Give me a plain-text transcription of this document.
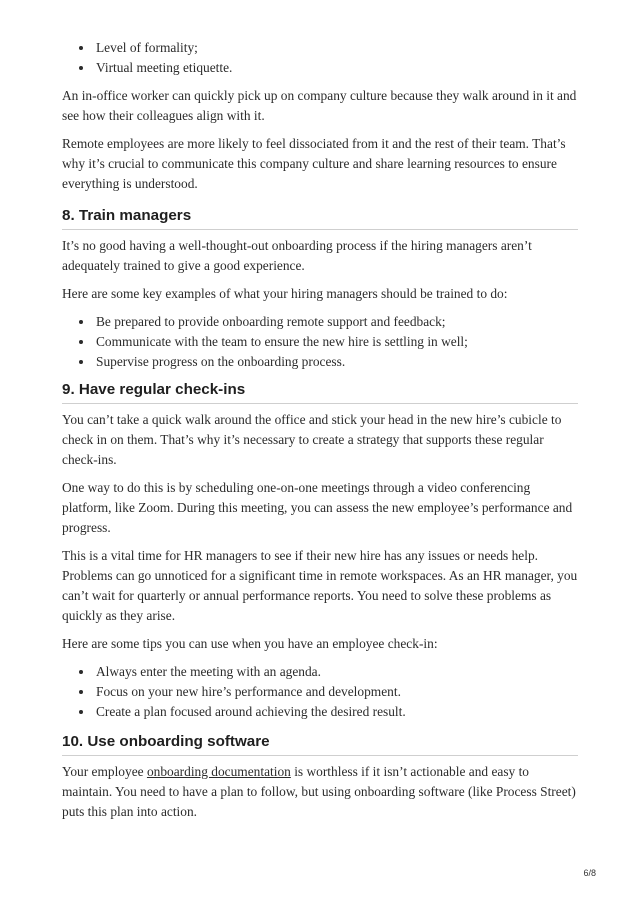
• Level of formality;
• Virtual meeting etiquette.

An in-office worker can quickly pick up on company culture because they walk around in it and see how their colleagues align with it.

Remote employees are more likely to feel dissociated from it and the rest of their team. That’s why it’s crucial to communicate this company culture and share learning resources to ensure everything is understood.

8. Train managers

It’s no good having a well-thought-out onboarding process if the hiring managers aren’t adequately trained to give a good experience.

Here are some key examples of what your hiring managers should be trained to do:

• Be prepared to provide onboarding remote support and feedback;
• Communicate with the team to ensure the new hire is settling in well;
• Supervise progress on the onboarding process.
9. Have regular check-ins

You can’t take a quick walk around the office and stick your head in the new hire’s cubicle to check in on them. That’s why it’s necessary to create a strategy that supports these regular check-ins.

One way to do this is by scheduling one-on-one meetings through a video conferencing platform, like Zoom. During this meeting, you can assess the new employee’s performance and progress.

This is a vital time for HR managers to see if their new hire has any issues or needs help. Problems can go unnoticed for a significant time in remote workspaces. As an HR manager, you can’t wait for quarterly or annual performance reports. You need to solve these problems as quickly as they arise.

Here are some tips you can use when you have an employee check-in:

• Always enter the meeting with an agenda.
• Focus on your new hire’s performance and development.
• Create a plan focused around achieving the desired result.
10. Use onboarding software

Your employee onboarding documentation is worthless if it isn’t actionable and easy to maintain. You need to have a plan to follow, but using onboarding software (like Process Street) puts this plan into action.

6/8
